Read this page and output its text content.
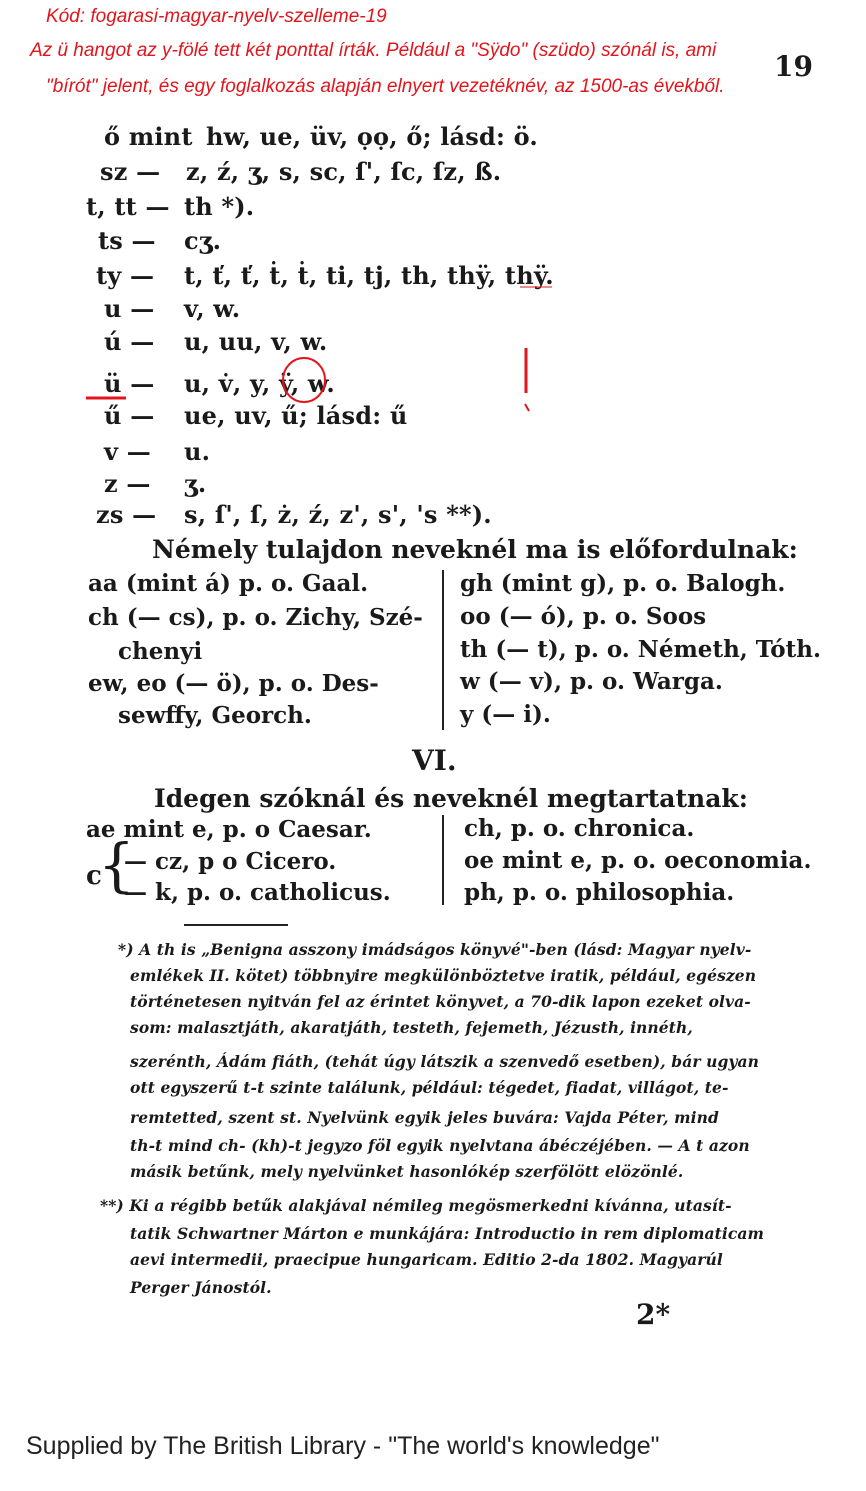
Kód: fogarasi-magyar-nyelv-szelleme-19
Az ü hangot az y-fölé tett két ponttal írták. Például a "Sÿdo" (szüdo) szónál is, ami
"bírót" jelent, és egy foglalkozás alapján elnyert vezetéknév, az 1500-as évekből.
19
ő mint hw, ue, üv, ọọ, ő; lásd: ö.
sz — z, ź, ʒ, s, sc, ſ', ſc, ſz, ß.
t, tt — th *).
ts — cʒ.
ty — t, ť, ť, ṫ, ṫ, ti, tj, th, thÿ, thÿ.
u — v, w.
ú — u, uu, v, w.
ü — u, v̇, y, ÿ, w.
ű — ue, uv, ű; lásd: ű
v — u.
z — ʒ.
zs — s, ſ', ſ, ż, ź, z', s', 's **).
Némely tulajdon neveknél ma is előfordulnak:
aa (mint á) p. o. Gaal.
ch (— cs), p. o. Zichy, Szé-
chenyi
ew, eo (— ö), p. o. Des-
sewffy, Georch.
gh (mint g), p. o. Balogh.
oo (— ó), p. o. Soos
th (— t), p. o. Németh, Tóth.
w (— v), p. o. Warga.
y (— i).
VI.
Idegen szóknál és neveknél megtartatnak:
ae mint e, p. o Caesar.
c
{
— cz, p o Cicero.
— k, p. o. catholicus.
ch, p. o. chronica.
oe mint e, p. o. oeconomia.
ph, p. o. philosophia.
*) A th is „Benigna asszony imádságos könyvé"-ben (lásd: Magyar nyelv-
emlékek II. kötet) többnyire megkülönböztetve iratik, például, egészen
történetesen nyitván fel az érintet könyvet, a 70-dik lapon ezeket olva-
som: malasztjáth, akaratjáth, testeth, fejemeth, Jézusth, innéth,
szerénth, Ádám fiáth, (tehát úgy látszik a szenvedő esetben), bár ugyan
ott egyszerű t-t szinte találunk, például: tégedet, fiadat, villágot, te-
remtetted, szent st. Nyelvünk egyik jeles buvára: Vajda Péter, mind
th-t mind ch- (kh)-t jegyzo föl egyik nyelvtana ábéczéjében. — A t azon
másik betűnk, mely nyelvünket hasonlókép szerfölött elözönlé.
**) Ki a régibb betűk alakjával némileg megösmerkedni kívánna, utasít-
tatik Schwartner Márton e munkájára: Introductio in rem diplomaticam
aevi intermedii, praecipue hungaricam. Editio 2-da 1802. Magyarúl
Perger Jánostól.
2*
Supplied by The British Library - "The world's knowledge"
